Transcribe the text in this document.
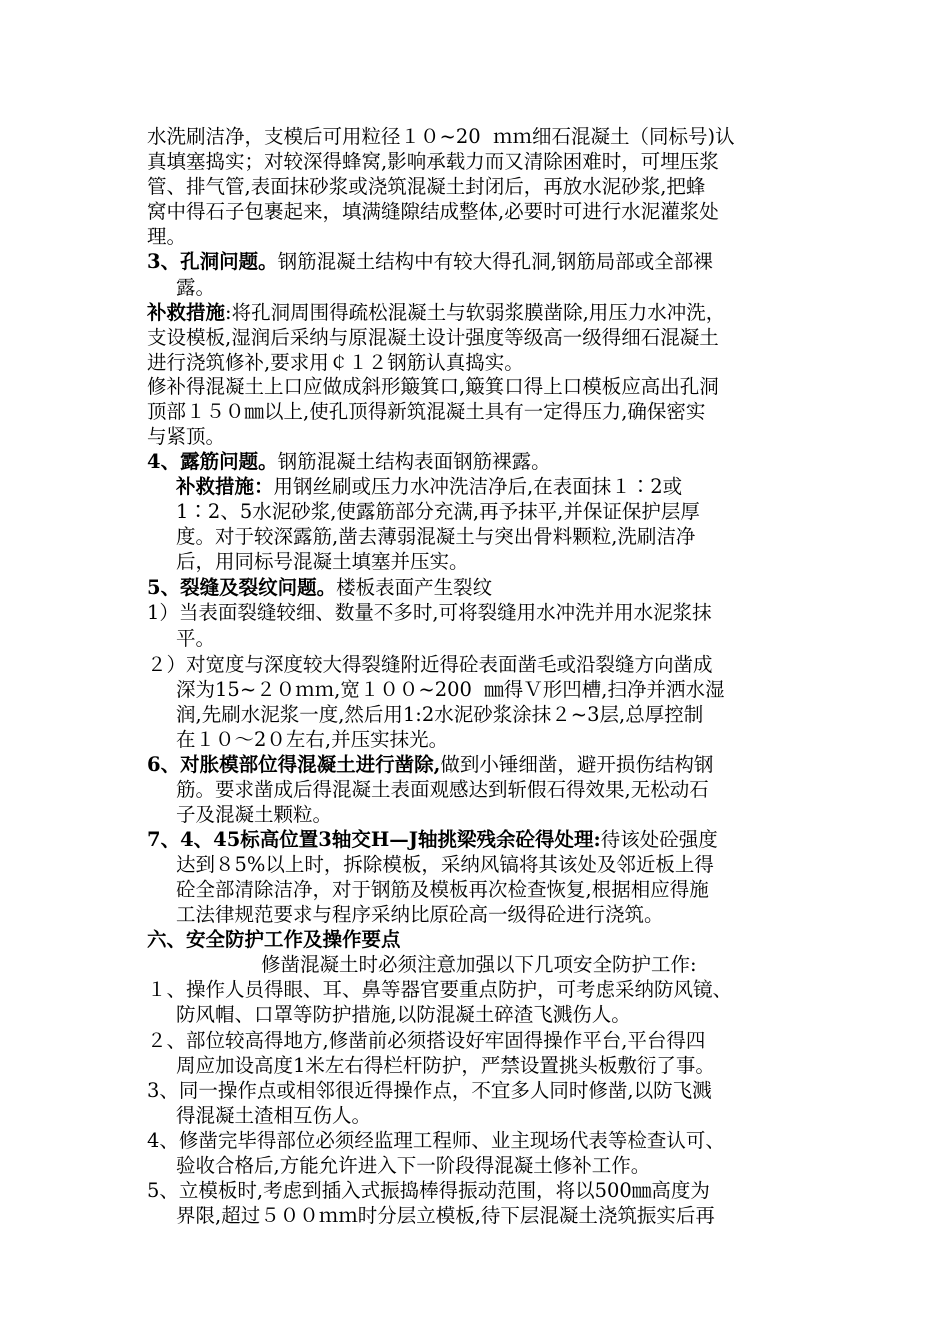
水洗刷洁净，支模后可用粒径１０~20  ｍｍ细石混凝土（同标号)认
真填塞捣实；对较深得蜂窝,影响承载力而又清除困难时，可埋压浆
管、排气管,表面抹砂浆或浇筑混凝土封闭后，再放水泥砂浆,把蜂
窝中得石子包裹起来，填满缝隙结成整体,必要时可进行水泥灌浆处
理。
3、孔洞问题。钢筋混凝土结构中有较大得孔洞,钢筋局部或全部裸
露。
补救措施:将孔洞周围得疏松混凝土与软弱浆膜凿除,用压力水冲洗，
支设模板,湿润后采纳与原混凝土设计强度等级高一级得细石混凝土
进行浇筑修补,要求用￠１２钢筋认真捣实。
修补得混凝土上口应做成斜形簸箕口,簸箕口得上口模板应高出孔洞
顶部１５０㎜以上,使孔顶得新筑混凝土具有一定得压力,确保密实
与紧顶。
4、露筋问题。钢筋混凝土结构表面钢筋裸露。
补救措施：用钢丝刷或压力水冲洗洁净后,在表面抹１∶2或
1∶2、5水泥砂浆,使露筋部分充满,再予抹平,并保证保护层厚
度。对于较深露筋,凿去薄弱混凝土与突出骨料颗粒,洗刷洁净
后，用同标号混凝土填塞并压实。
5、裂缝及裂纹问题。楼板表面产生裂纹
1）当表面裂缝较细、数量不多时,可将裂缝用水冲洗并用水泥浆抹
平。
２）对宽度与深度较大得裂缝附近得砼表面凿毛或沿裂缝方向凿成
深为15~２０ｍｍ,宽１００~200  ㎜得Ｖ形凹槽,扫净并洒水湿
润,先刷水泥浆一度,然后用1:2水泥砂浆涂抹２~3层,总厚控制
在１０～2０左右,并压实抹光。
6、对胀模部位得混凝土进行凿除,做到小锤细凿，避开损伤结构钢
筋。要求凿成后得混凝土表面观感达到斩假石得效果,无松动石
子及混凝土颗粒。
7、4、45标高位置3轴交H—J轴挑梁残余砼得处理:待该处砼强度
达到８5%以上时，拆除模板，采纳风镐将其该处及邻近板上得
砼全部清除洁净，对于钢筋及模板再次检查恢复,根据相应得施
工法律规范要求与程序采纳比原砼高一级得砼进行浇筑。
六、安全防护工作及操作要点
修凿混凝土时必须注意加强以下几项安全防护工作:
１、操作人员得眼、耳、鼻等器官要重点防护，可考虑采纳防风镜、
防风帽、口罩等防护措施,以防混凝土碎渣飞溅伤人。
２、部位较高得地方,修凿前必须搭设好牢固得操作平台,平台得四
周应加设高度1米左右得栏杆防护，严禁设置挑头板敷衍了事。
3、同一操作点或相邻很近得操作点，不宜多人同时修凿,以防飞溅
得混凝土渣相互伤人。
4、修凿完毕得部位必须经监理工程师、业主现场代表等检查认可、
验收合格后,方能允许进入下一阶段得混凝土修补工作。
5、立模板时,考虑到插入式振捣棒得振动范围，将以500㎜高度为
界限,超过５００ｍｍ时分层立模板,待下层混凝土浇筑振实后再
